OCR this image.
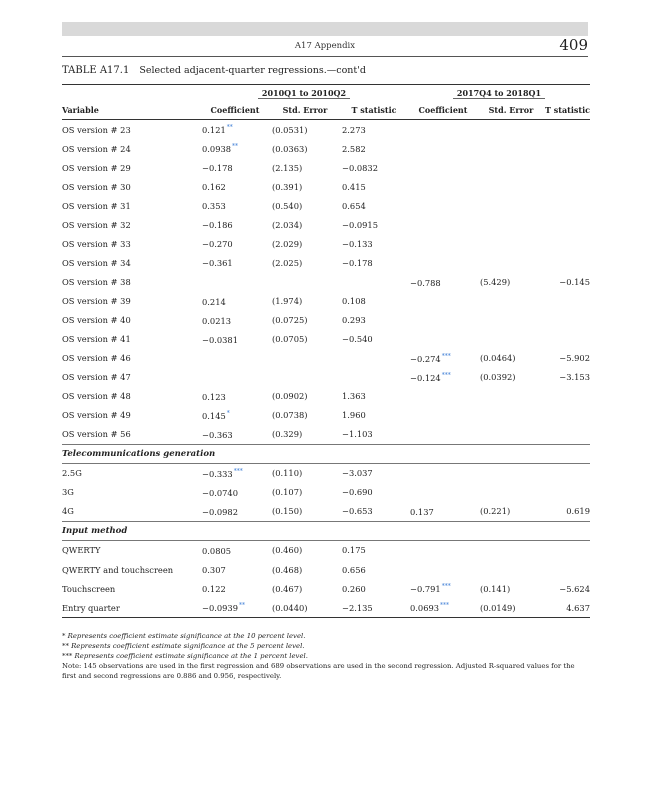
A17 Appendix	409
TABLE A17.1 Selected adjacent-quarter regressions.—cont'd
	2010Q1 to 2010Q2			2017Q4 to 2018Q1		
Variable	Coefficient	Std. Error	T statistic	Coefficient	Std. Error	T statistic
OS version # 23	0.121**	(0.0531)	2.273			
OS version # 24	0.0938**	(0.0363)	2.582			
OS version # 29	−0.178	(2.135)	−0.0832			
OS version # 30	0.162	(0.391)	0.415			
OS version # 31	0.353	(0.540)	0.654			
OS version # 32	−0.186	(2.034)	−0.0915			
OS version # 33	−0.270	(2.029)	−0.133			
OS version # 34	−0.361	(2.025)	−0.178			
OS version # 38				−0.788	(5.429)	−0.145
OS version # 39	0.214	(1.974)	0.108			
OS version # 40	0.0213	(0.0725)	0.293			
OS version # 41	−0.0381	(0.0705)	−0.540			
OS version # 46				−0.274***	(0.0464)	−5.902
OS version # 47				−0.124***	(0.0392)	−3.153
OS version # 48	0.123	(0.0902)	1.363			
OS version # 49	0.145*	(0.0738)	1.960			
OS version # 56	−0.363	(0.329)	−1.103			
Telecommunications generation						
2.5G	−0.333***	(0.110)	−3.037			
3G	−0.0740	(0.107)	−0.690			
4G	−0.0982	(0.150)	−0.653	0.137	(0.221)	0.619
Input method						
QWERTY	0.0805	(0.460)	0.175			
QWERTY and touchscreen	0.307	(0.468)	0.656			
Touchscreen	0.122	(0.467)	0.260	−0.791***	(0.141)	−5.624
Entry quarter	−0.0939**	(0.0440)	−2.135	0.0693***	(0.0149)	4.637
* Represents coefficient estimate significance at the 10 percent level.
** Represents coefficient estimate significance at the 5 percent level.
*** Represents coefficient estimate significance at the 1 percent level.
Note: 145 observations are used in the first regression and 689 observations are used in the second regression. Adjusted R-squared values for the first and second regressions are 0.886 and 0.956, respectively.
